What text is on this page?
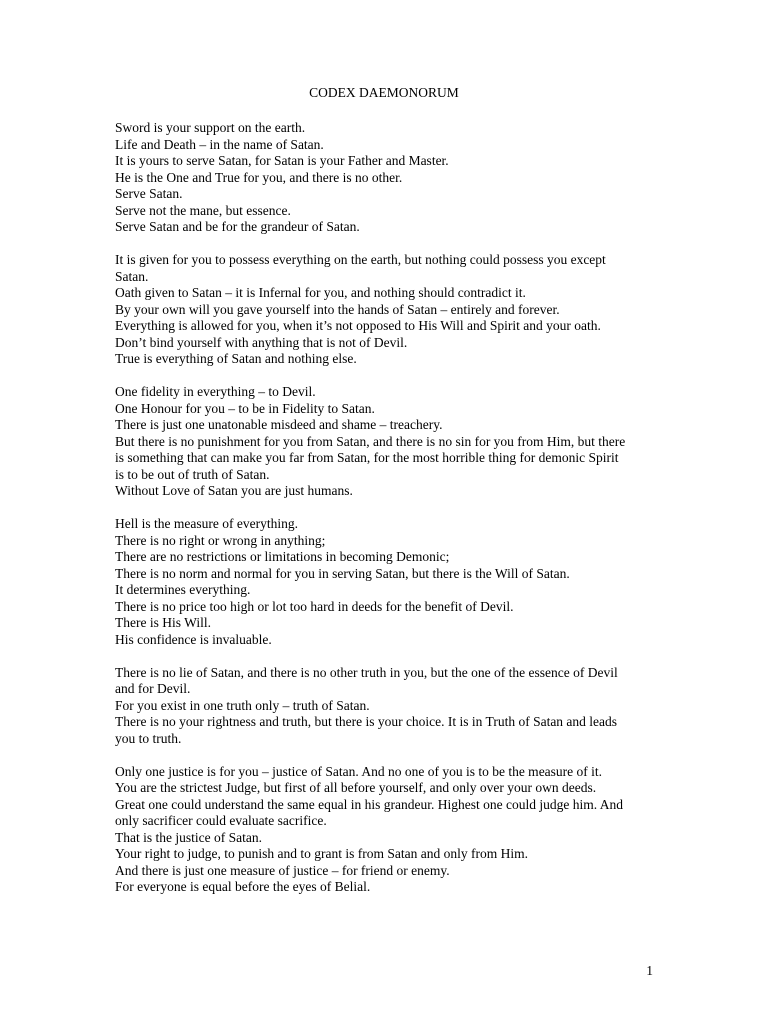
CODEX DAEMONORUM
Sword is your support on the earth.
Life and Death – in the name of Satan.
It is yours to serve Satan, for Satan is your Father and Master.
He is the One and True for you, and there is no other.
Serve Satan.
Serve not the mane, but essence.
Serve Satan and be for the grandeur of Satan.
It is given for you to possess everything on the earth, but nothing could possess you except
Satan.
Oath given to Satan – it is Infernal for you, and nothing should contradict it.
By your own will you gave yourself into the hands of Satan – entirely and forever.
Everything is allowed for you, when it’s not opposed to His Will and Spirit and your oath.
Don’t bind yourself with anything that is not of Devil.
True is everything of Satan and nothing else.
One fidelity in everything – to Devil.
One Honour for you – to be in Fidelity to Satan.
There is just one unatonable misdeed and shame – treachery.
But there is no punishment for you from Satan, and there is no sin for you from Him, but there
is something that can make you far from Satan, for the most horrible thing for demonic Spirit
is to be out of truth of Satan.
Without Love of Satan you are just humans.
Hell is the measure of everything.
There is no right or wrong in anything;
There are no restrictions or limitations in becoming Demonic;
There is no norm and normal for you in serving Satan, but there is the Will of Satan.
It determines everything.
There is no price too high or lot too hard in deeds for the benefit of Devil.
There is His Will.
His confidence is invaluable.
There is no lie of Satan, and there is no other truth in you, but the one of the essence of Devil
and for Devil.
For you exist in one truth only – truth of Satan.
There is no your rightness and truth, but there is your choice. It is in Truth of Satan and leads
you to truth.
Only one justice is for you – justice of Satan. And no one of you is to be the measure of it.
You are the strictest Judge, but first of all before yourself, and only over your own deeds.
Great one could understand the same equal in his grandeur. Highest one could judge him. And
only sacrificer could evaluate sacrifice.
That is the justice of Satan.
Your right to judge, to punish and to grant is from Satan and only from Him.
And there is just one measure of justice – for friend or enemy.
For everyone is equal before the eyes of Belial.
1
